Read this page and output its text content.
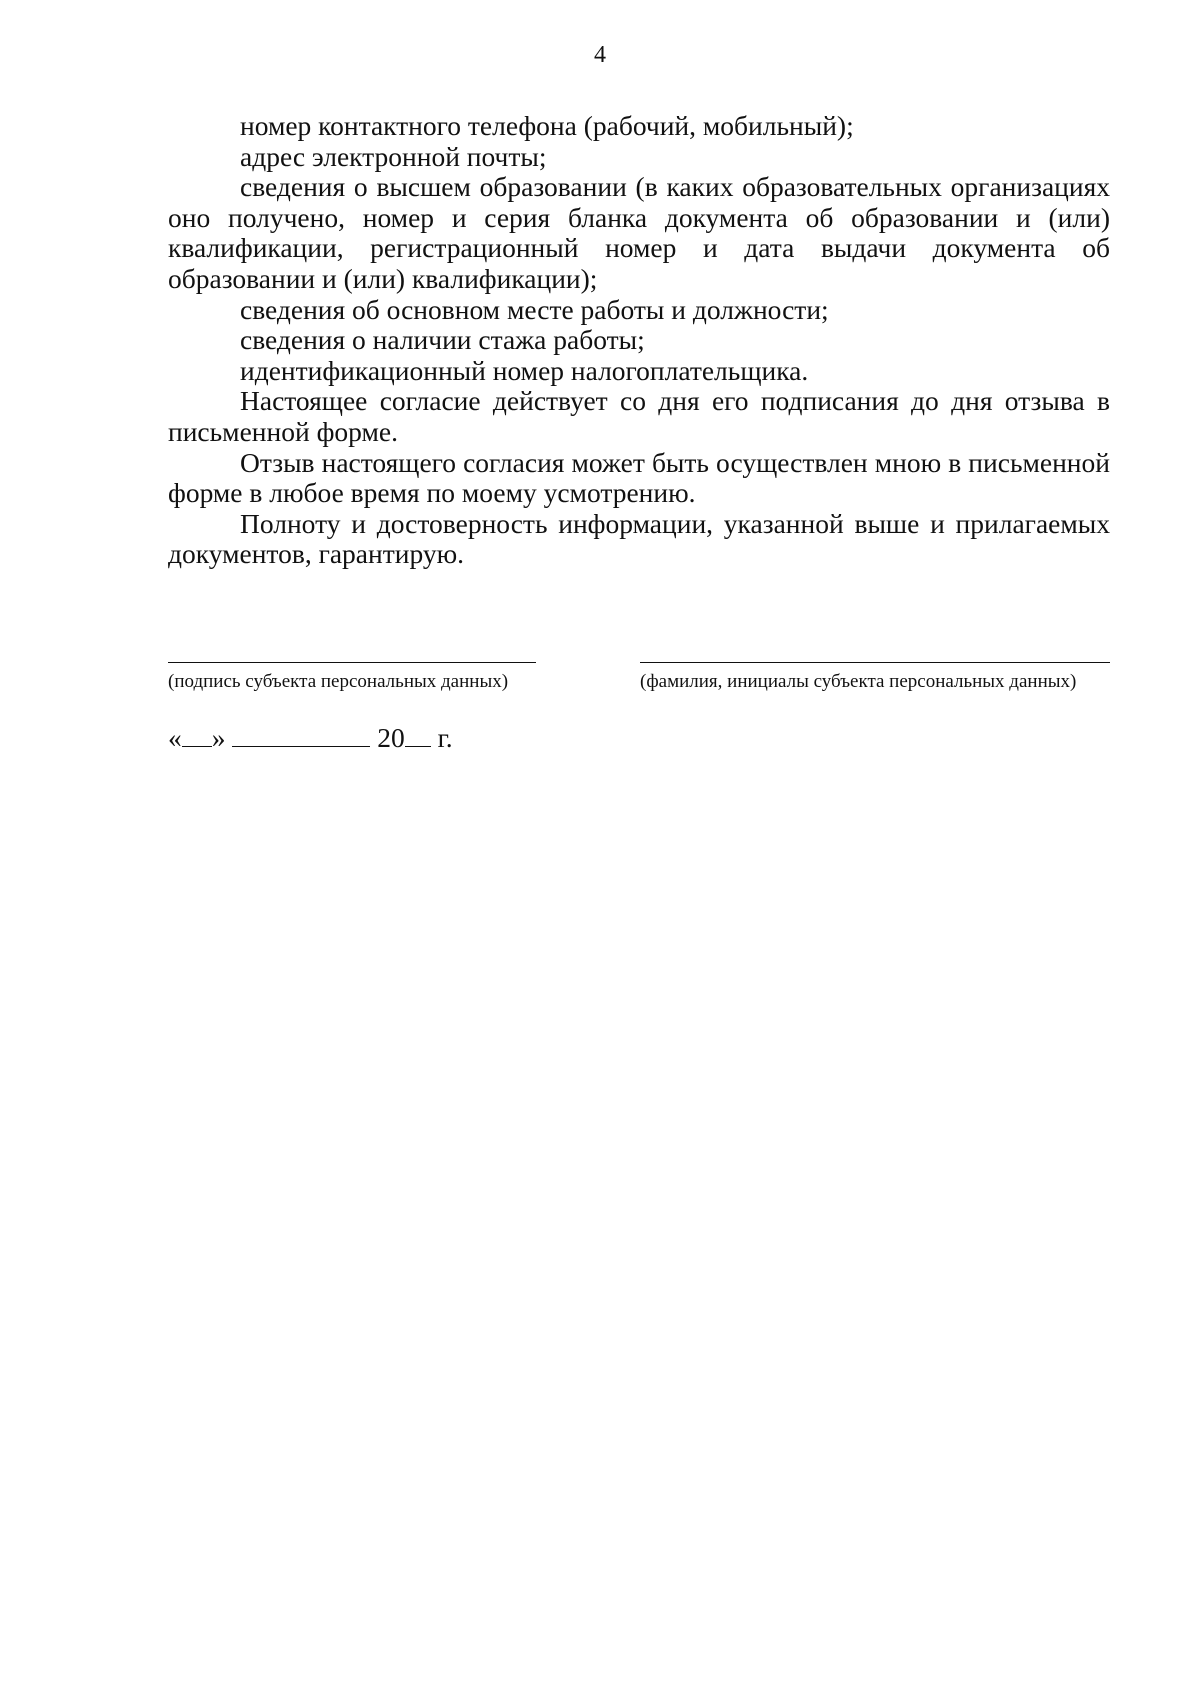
4

номер контактного телефона (рабочий, мобильный);

адрес электронной почты;

сведения о высшем образовании (в каких образовательных организациях оно получено, номер и серия бланка документа об образовании и (или) квалификации, регистрационный номер и дата выдачи документа об образовании и (или) квалификации);

сведения об основном месте работы и должности;

сведения о наличии стажа работы;

идентификационный номер налогоплательщика.

Настоящее согласие действует со дня его подписания до дня отзыва в письменной форме.

Отзыв настоящего согласия может быть осуществлен мною в письменной форме в любое время по моему усмотрению.

Полноту и достоверность информации, указанной выше и прилагаемых документов, гарантирую.

(подпись субъекта персональных данных)	(фамилия, инициалы субъекта персональных данных)
« »	20 г.
